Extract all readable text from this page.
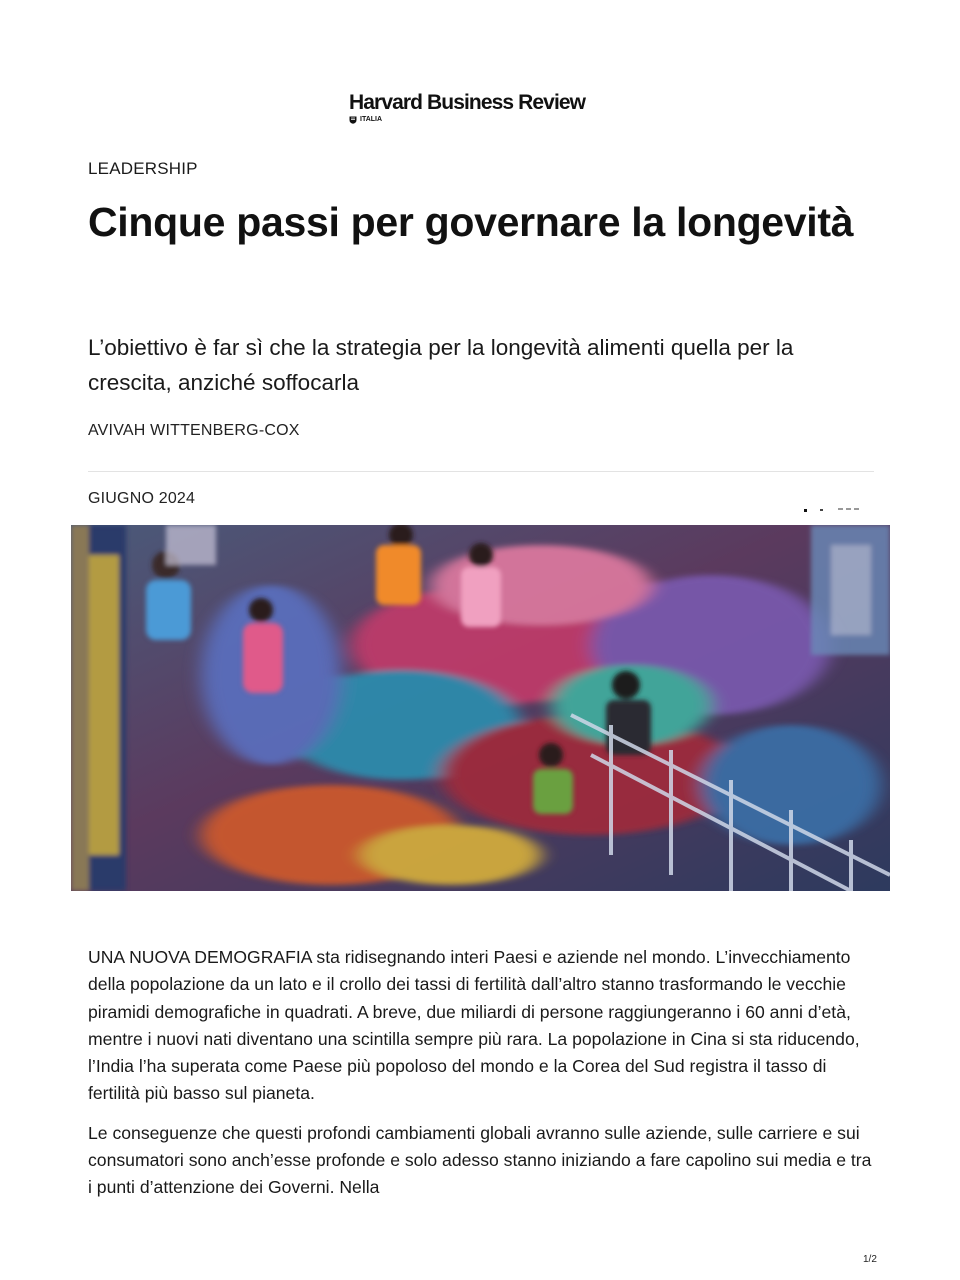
Harvard Business Review
ITALIA
LEADERSHIP
Cinque passi per governare la longevità

L’obiettivo è far sì che la strategia per la longevità alimenti quella per la crescita, anziché soffocarla

AVIVAH WITTENBERG-COX
GIUGNO 2024

UNA NUOVA DEMOGRAFIA sta ridisegnando interi Paesi e aziende nel mondo. L’invecchiamento della popolazione da un lato e il crollo dei tassi di fertilità dall’altro stanno trasformando le vecchie piramidi demografiche in quadrati. A breve, due miliardi di persone raggiungeranno i 60 anni d’età, mentre i nuovi nati diventano una scintilla sempre più rara. La popolazione in Cina si sta riducendo, l’India l’ha superata come Paese più popoloso del mondo e la Corea del Sud registra il tasso di fertilità più basso sul pianeta.

Le conseguenze che questi profondi cambiamenti globali avranno sulle aziende, sulle carriere e sui consumatori sono anch’esse profonde e solo adesso stanno iniziando a fare capolino sui media e tra i punti d’attenzione dei Governi. Nella

1/2
